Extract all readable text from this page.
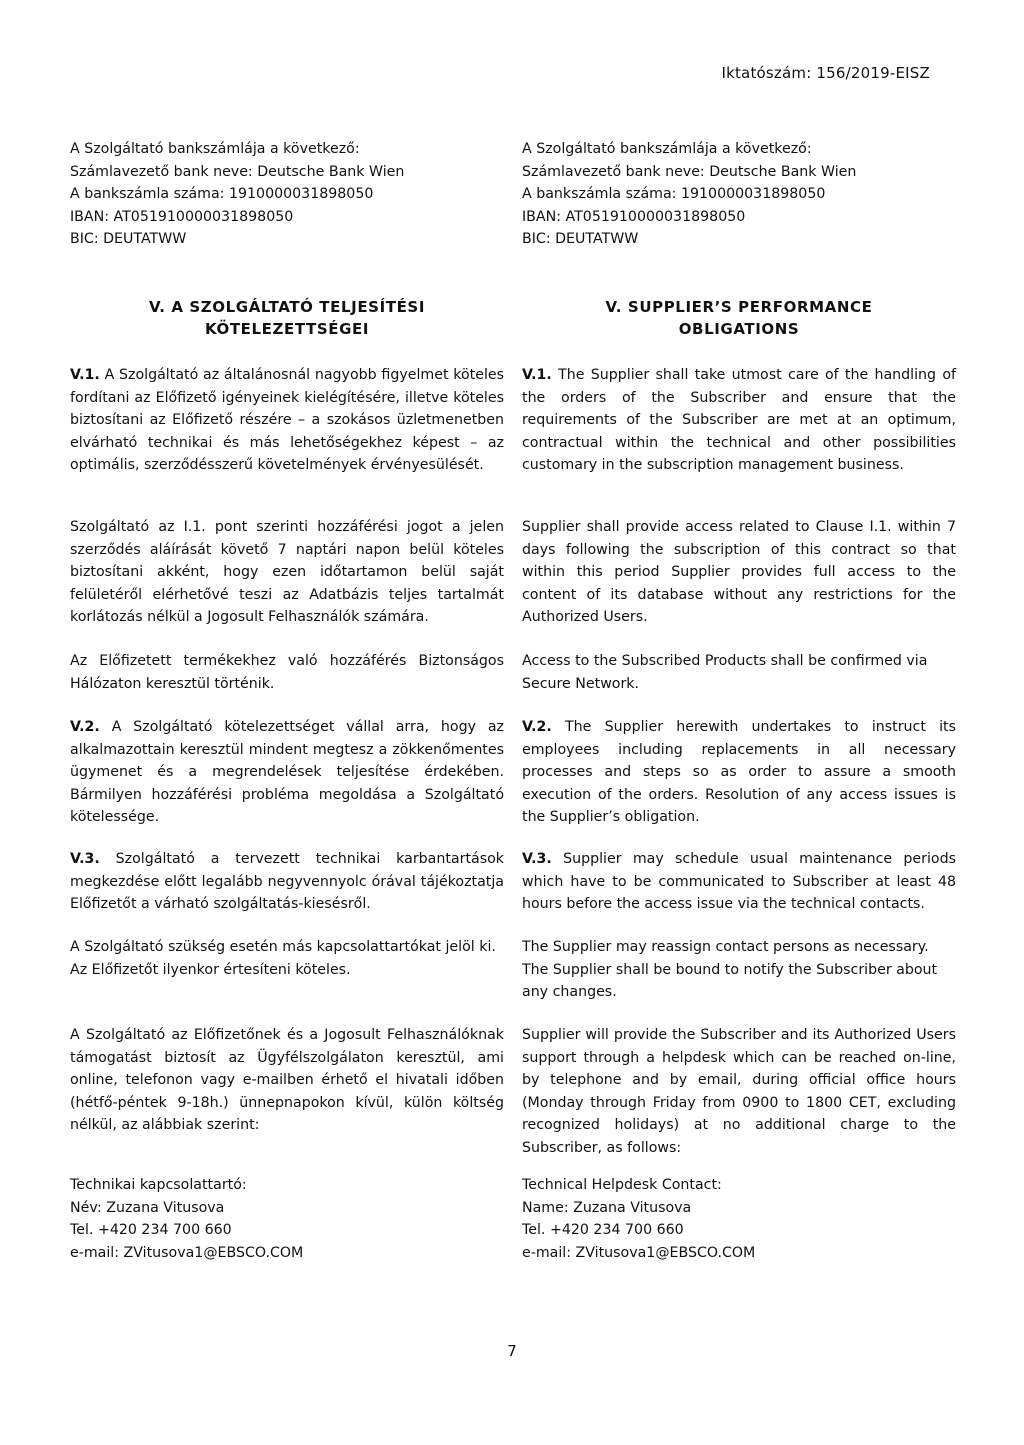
Iktatószám: 156/2019-EISZ
A Szolgáltató bankszámlája a következő:
Számlavezető bank neve: Deutsche Bank Wien
A bankszámla száma: 1910000031898050
IBAN: AT051910000031898050
BIC: DEUTATWW
V. A SZOLGÁLTATÓ TELJESÍTÉSI
KÖTELEZETTSÉGEI
V.1. A Szolgáltató az általánosnál nagyobb figyelmet köteles fordítani az Előfizető igényeinek kielégítésére, illetve köteles biztosítani az Előfizető részére – a szokásos üzletmenetben elvárható technikai és más lehetőségekhez képest – az optimális, szerződésszerű követelmények érvényesülését.
Szolgáltató az I.1. pont szerinti hozzáférési jogot a jelen szerződés aláírását követő 7 naptári napon belül köteles biztosítani akként, hogy ezen időtartamon belül saját felületéről elérhetővé teszi az Adatbázis teljes tartalmát korlátozás nélkül a Jogosult Felhasználók számára.
Az Előfizetett termékekhez való hozzáférés Biztonságos Hálózaton keresztül történik.
V.2. A Szolgáltató kötelezettséget vállal arra, hogy az alkalmazottain keresztül mindent megtesz a zökkenőmentes ügymenet és a megrendelések teljesítése érdekében. Bármilyen hozzáférési probléma megoldása a Szolgáltató kötelessége.
V.3. Szolgáltató a tervezett technikai karbantartások megkezdése előtt legalább negyvennyolc órával tájékoztatja Előfizetőt a várható szolgáltatás-kiesésről.
A Szolgáltató szükség esetén más kapcsolattartókat jelöl ki. Az Előfizetőt ilyenkor értesíteni köteles.
A Szolgáltató az Előfizetőnek és a Jogosult Felhasználóknak támogatást biztosít az Ügyfélszolgálaton keresztül, ami online, telefonon vagy e-mailben érhető el hivatali időben (hétfő-péntek 9-18h.) ünnepnapokon kívül, külön költség nélkül, az alábbiak szerint:
Technikai kapcsolattartó:
Név: Zuzana Vitusova
Tel. +420 234 700 660
e-mail: ZVitusova1@EBSCO.COM
A Szolgáltató bankszámlája a következő:
Számlavezető bank neve: Deutsche Bank Wien
A bankszámla száma: 1910000031898050
IBAN: AT051910000031898050
BIC: DEUTATWW
V. SUPPLIER’S PERFORMANCE
OBLIGATIONS
V.1. The Supplier shall take utmost care of the handling of the orders of the Subscriber and ensure that the requirements of the Subscriber are met at an optimum, contractual within the technical and other possibilities customary in the subscription management business.
Supplier shall provide access related to Clause I.1. within 7 days following the subscription of this contract so that within this period Supplier provides full access to the content of its database without any restrictions for the Authorized Users.
Access to the Subscribed Products shall be confirmed via Secure Network.
V.2. The Supplier herewith undertakes to instruct its employees including replacements in all necessary processes and steps so as order to assure a smooth execution of the orders. Resolution of any access issues is the Supplier’s obligation.
V.3. Supplier may schedule usual maintenance periods which have to be communicated to Subscriber at least 48 hours before the access issue via the technical contacts.
The Supplier may reassign contact persons as necessary. The Supplier shall be bound to notify the Subscriber about any changes.
Supplier will provide the Subscriber and its Authorized Users support through a helpdesk which can be reached on-line, by telephone and by email, during official office hours (Monday through Friday from 0900 to 1800 CET, excluding recognized holidays) at no additional charge to the Subscriber, as follows:
Technical Helpdesk Contact:
Name: Zuzana Vitusova
Tel. +420 234 700 660
e-mail: ZVitusova1@EBSCO.COM
7
